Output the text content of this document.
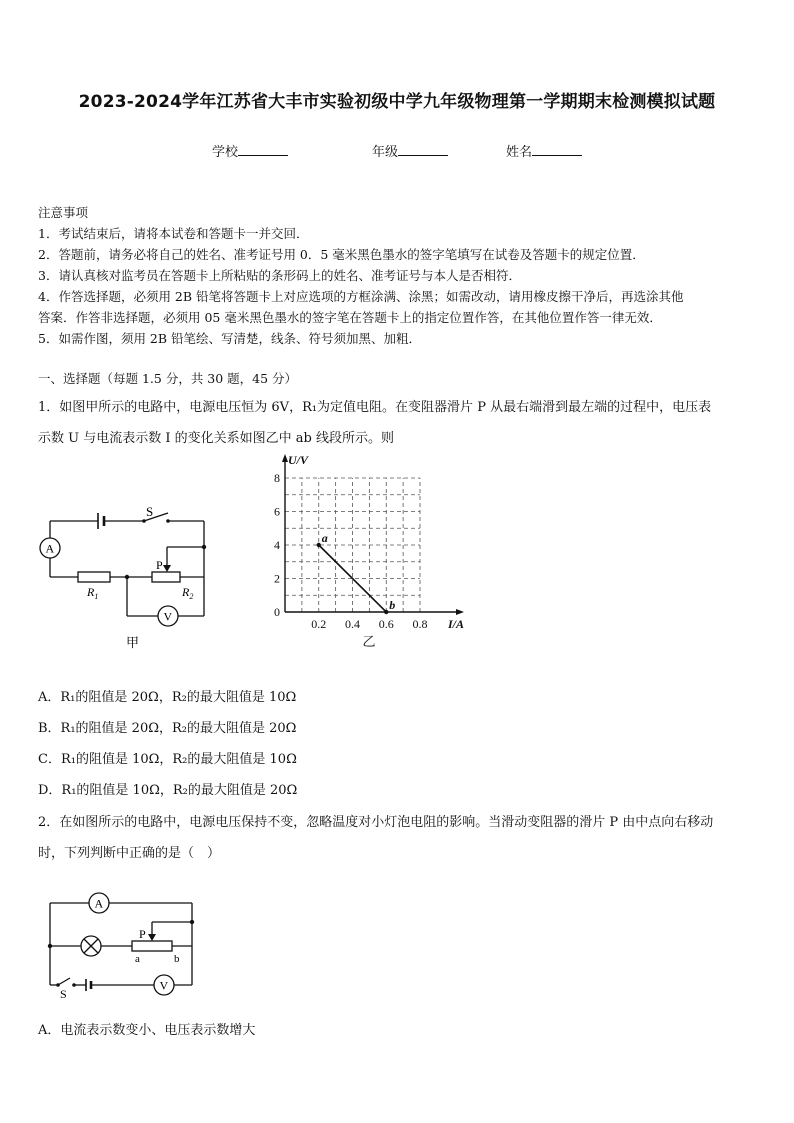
2023-2024学年江苏省大丰市实验初级中学九年级物理第一学期期末检测模拟试题
学校	年级	姓名
注意事项
1．考试结束后，请将本试卷和答题卡一并交回．
2．答题前，请务必将自己的姓名、准考证号用 0．5 毫米黑色墨水的签字笔填写在试卷及答题卡的规定位置．
3．请认真核对监考员在答题卡上所粘贴的条形码上的姓名、准考证号与本人是否相符．
4．作答选择题，必须用 2B 铅笔将答题卡上对应选项的方框涂满、涂黑；如需改动，请用橡皮擦干净后，再选涂其他
答案．作答非选择题，必须用 05 毫米黑色墨水的签字笔在答题卡上的指定位置作答，在其他位置作答一律无效．
5．如需作图，须用 2B 铅笔绘、写清楚，线条、符号须加黑、加粗．
一、选择题（每题 1.5 分，共 30 题，45 分）
1．如图甲所示的电路中，电源电压恒为 6V，R₁为定值电阻。在变阻器滑片 P 从最右端滑到最左端的过程中，电压表
示数 U 与电流表示数 I 的变化关系如图乙中 ab 线段所示。则
S
A
V
P
$R_1$	$R_2$
甲
0
2
4
6
8
0.2 0.4 0.6 0.8
U/V
I/A
乙
a
b
A．R₁的阻值是 20Ω，R₂的最大阻值是 10Ω
B．R₁的阻值是 20Ω，R₂的最大阻值是 20Ω
C．R₁的阻值是 10Ω，R₂的最大阻值是 10Ω
D．R₁的阻值是 10Ω，R₂的最大阻值是 20Ω
2．在如图所示的电路中，电源电压保持不变，忽略温度对小灯泡电阻的影响。当滑动变阻器的滑片 P 由中点向右移动
时，下列判断中正确的是（　）
A
V
P
a	b
S
A．电流表示数变小、电压表示数增大
